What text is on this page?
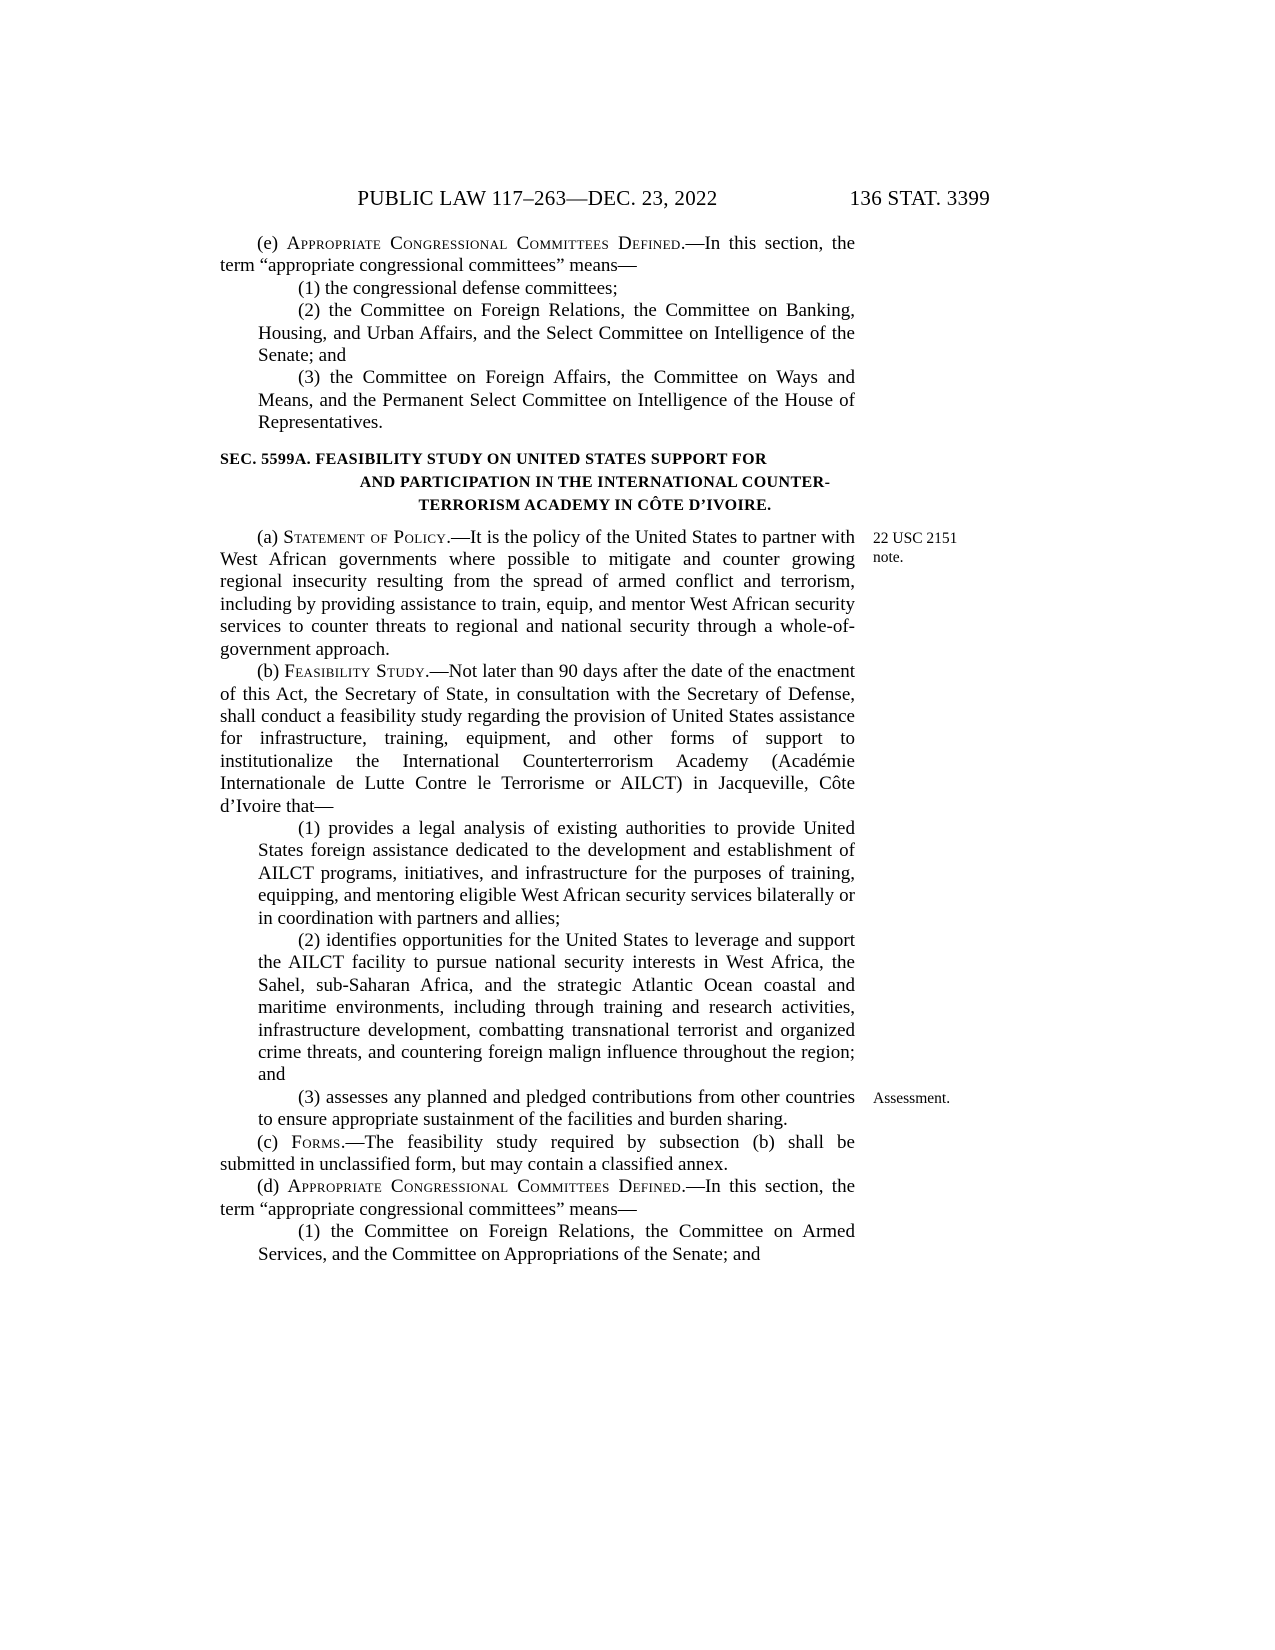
PUBLIC LAW 117–263—DEC. 23, 2022	136 STAT. 3399

(e) Appropriate Congressional Committees Defined.—In this section, the term “appropriate congressional committees” means—

(1) the congressional defense committees;

(2) the Committee on Foreign Relations, the Committee on Banking, Housing, and Urban Affairs, and the Select Committee on Intelligence of the Senate; and

(3) the Committee on Foreign Affairs, the Committee on Ways and Means, and the Permanent Select Committee on Intelligence of the House of Representatives.

SEC. 5599A. FEASIBILITY STUDY ON UNITED STATES SUPPORT FOR
AND PARTICIPATION IN THE INTERNATIONAL COUNTER-
TERRORISM ACADEMY IN CÔTE D’IVOIRE.

(a) Statement of Policy.—It is the policy of the United States to partner with West African governments where possible to mitigate and counter growing regional insecurity resulting from the spread of armed conflict and terrorism, including by providing assistance to train, equip, and mentor West African security services to counter threats to regional and national security through a whole-of-government approach.
22 USC 2151 note.

(b) Feasibility Study.—Not later than 90 days after the date of the enactment of this Act, the Secretary of State, in consultation with the Secretary of Defense, shall conduct a feasibility study regarding the provision of United States assistance for infrastructure, training, equipment, and other forms of support to institutionalize the International Counterterrorism Academy (Académie Internationale de Lutte Contre le Terrorisme or AILCT) in Jacqueville, Côte d’Ivoire that—

(1) provides a legal analysis of existing authorities to provide United States foreign assistance dedicated to the development and establishment of AILCT programs, initiatives, and infrastructure for the purposes of training, equipping, and mentoring eligible West African security services bilaterally or in coordination with partners and allies;

(2) identifies opportunities for the United States to leverage and support the AILCT facility to pursue national security interests in West Africa, the Sahel, sub-Saharan Africa, and the strategic Atlantic Ocean coastal and maritime environments, including through training and research activities, infrastructure development, combatting transnational terrorist and organized crime threats, and countering foreign malign influence throughout the region; and

(3) assesses any planned and pledged contributions from other countries to ensure appropriate sustainment of the facilities and burden sharing.
Assessment.

(c) Forms.—The feasibility study required by subsection (b) shall be submitted in unclassified form, but may contain a classified annex.

(d) Appropriate Congressional Committees Defined.—In this section, the term “appropriate congressional committees” means—

(1) the Committee on Foreign Relations, the Committee on Armed Services, and the Committee on Appropriations of the Senate; and
